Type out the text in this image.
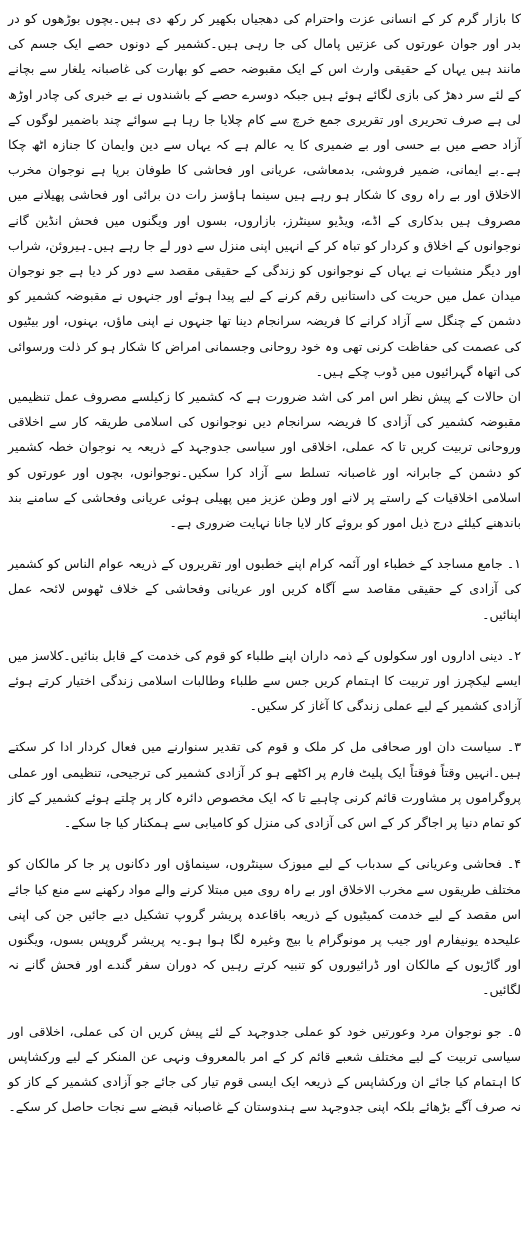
کا بازار گرم کر کے انسانی عزت واحترام کی دھجیاں بکھیر کر رکھ دی ہیں۔بچوں بوڑھوں کو در بدر اور جوان عورتوں کی عزتیں پامال کی جا رہی ہیں۔کشمیر کے دونوں حصے ایک جسم کی مانند ہیں یہاں کے حقیقی وارث اس کے ایک مقبوضہ حصے کو بھارت کی غاصبانہ یلغار سے بچانے کے لئے سر دھڑ کی بازی لگائے ہوئے ہیں جبکہ دوسرے حصے کے باشندوں نے بے خبری کی چادر اوڑھ لی ہے صرف تحریری اور تقریری جمع خرچ سے کام چلایا جا رہا ہے سوائے چند باضمیر لوگوں کے آزاد حصے میں بے حسی اور بے ضمیری کا یہ عالم ہے کہ یہاں سے دین وایمان کا جنازہ اٹھ چکا ہے۔بے ایمانی، ضمیر فروشی، بدمعاشی، عریانی اور فحاشی کا طوفان برپا ہے نوجوان مخرب الاخلاق اور بے راہ روی کا شکار ہو رہے ہیں سینما ہاؤسز رات دن برائی اور فحاشی پھیلانے میں مصروف ہیں بدکاری کے اڈے، ویڈیو سینٹرز، بازاروں، بسوں اور ویگنوں میں فحش انڈین گانے نوجوانوں کے اخلاق و کردار کو تباہ کر کے انہیں اپنی منزل سے دور لے جا رہے ہیں۔ہیروئن، شراب اور دیگر منشیات نے یہاں کے نوجوانوں کو زندگی کے حقیقی مقصد سے دور کر دیا ہے جو نوجوان میدان عمل میں حریت کی داستانیں رقم کرنے کے لیے پیدا ہوئے اور جنہوں نے مقبوضہ کشمیر کو دشمن کے چنگل سے آزاد کرانے کا فریضہ سرانجام دینا تھا جنہوں نے اپنی ماؤں، بہنوں، اور بیٹیوں کی عصمت کی حفاظت کرنی تھی وہ خود روحانی وجسمانی امراض کا شکار ہو کر ذلت ورسوائی کی اتھاہ گہرائیوں میں ڈوب چکے ہیں۔

ان حالات کے پیش نظر اس امر کی اشد ضرورت ہے کہ کشمیر کا زکیلسے مصروف عمل تنظیمیں مقبوضہ کشمیر کی آزادی کا فریضہ سرانجام دیں نوجوانوں کی اسلامی طریقہ کار سے اخلاقی وروحانی تربیت کریں تا کہ عملی، اخلاقی اور سیاسی جدوجہد کے ذریعہ یہ نوجوان خطہ کشمیر کو دشمن کے جابرانہ اور غاصبانہ تسلط سے آزاد کرا سکیں۔نوجوانوں، بچوں اور عورتوں کو اسلامی اخلاقیات کے راستے پر لانے اور وطن عزیز میں پھیلی ہوئی عریانی وفحاشی کے سامنے بند باندھنے کیلئے درج ذیل امور کو بروئے کار لایا جانا نہایت ضروری ہے۔

۱۔ جامع مساجد کے خطباء اور آئمہ کرام اپنے خطبوں اور تقریروں کے ذریعہ عوام الناس کو کشمیر کی آزادی کے حقیقی مقاصد سے آگاہ کریں اور عریانی وفحاشی کے خلاف ٹھوس لائحہ عمل اپنائیں۔

۲۔ دینی اداروں اور سکولوں کے ذمہ داران اپنے طلباء کو قوم کی خدمت کے قابل بنائیں۔کلاسز میں ایسے لیکچرز اور تربیت کا اہتمام کریں جس سے طلباء وطالبات اسلامی زندگی اختیار کرتے ہوئے آزادی کشمیر کے لیے عملی زندگی کا آغاز کر سکیں۔

۳۔ سیاست دان اور صحافی مل کر ملک و قوم کی تقدیر سنوارنے میں فعال کردار ادا کر سکتے ہیں۔انہیں وقتاً فوقتاً ایک پلیٹ فارم پر اکٹھے ہو کر آزادی کشمیر کی ترجیحی، تنظیمی اور عملی پروگراموں پر مشاورت قائم کرنی چاہیے تا کہ ایک مخصوص دائرہ کار پر چلتے ہوئے کشمیر کے کاز کو تمام دنیا پر اجاگر کر کے اس کی آزادی کی منزل کو کامیابی سے ہمکنار کیا جا سکے۔

۴۔ فحاشی وعریانی کے سدباب کے لیے میوزک سینٹروں، سینماؤں اور دکانوں پر جا کر مالکان کو مختلف طریقوں سے مخرب الاخلاق اور بے راہ روی میں مبتلا کرنے والے مواد رکھنے سے منع کیا جائے اس مقصد کے لیے خدمت کمیٹیوں کے ذریعہ باقاعدہ پریشر گروپ تشکیل دیے جائیں جن کی اپنی علیحدہ یونیفارم اور جیب پر مونوگرام یا بیج وغیرہ لگا ہوا ہو۔یہ پریشر گروپس بسوں، ویگنوں اور گاڑیوں کے مالکان اور ڈرائیوروں کو تنبیہ کرتے رہیں کہ دوران سفر گندے اور فحش گانے نہ لگائیں۔

۵۔ جو نوجوان مرد وعورتیں خود کو عملی جدوجہد کے لئے پیش کریں ان کی عملی، اخلاقی اور سیاسی تربیت کے لیے مختلف شعبے قائم کر کے امر بالمعروف ونہی عن المنکر کے لیے ورکشاپس کا اہتمام کیا جائے ان ورکشاپس کے ذریعہ ایک ایسی قوم تیار کی جائے جو آزادی کشمیر کے کاز کو نہ صرف آگے بڑھائے بلکہ اپنی جدوجہد سے ہندوستان کے غاصبانہ قبضے سے نجات حاصل کر سکے۔
